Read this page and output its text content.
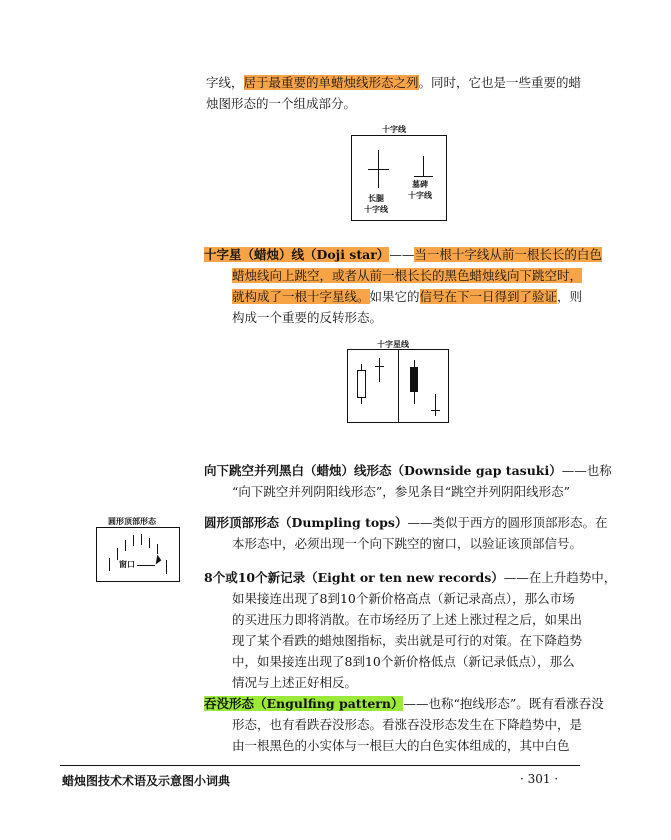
字线，居于最重要的单蜡烛线形态之列。同时，它也是一些重要的蜡
烛图形态的一个组成部分。
十字线
长腿
十字线
墓碑
十字线
十字星（蜡烛）线（Doji star）——当一根十字线从前一根长长的白色
蜡烛线向上跳空，或者从前一根长长的黑色蜡烛线向下跳空时，
就构成了一根十字星线。如果它的信号在下一日得到了验证，则
构成一个重要的反转形态。
十字星线
向下跳空并列黑白（蜡烛）线形态（Downside gap tasuki）——也称
“向下跳空并列阴阳线形态”，参见条目“跳空并列阴阳线形态”
圆形顶部形态
窗口
圆形顶部形态（Dumpling tops）——类似于西方的圆形顶部形态。在
本形态中，必须出现一个向下跳空的窗口，以验证该顶部信号。
8个或10个新记录（Eight or ten new records）——在上升趋势中，
如果接连出现了8到10个新价格高点（新记录高点），那么市场
的买进压力即将消散。在市场经历了上述上涨过程之后，如果出
现了某个看跌的蜡烛图指标，卖出就是可行的对策。在下降趋势
中，如果接连出现了8到10个新价格低点（新记录低点），那么
情况与上述正好相反。
吞没形态（Engulfing pattern）——也称“抱线形态”。既有看涨吞没
形态，也有看跌吞没形态。看涨吞没形态发生在下降趋势中，是
由一根黑色的小实体与一根巨大的白色实体组成的，其中白色
蜡烛图技术术语及示意图小词典	· 301 ·
